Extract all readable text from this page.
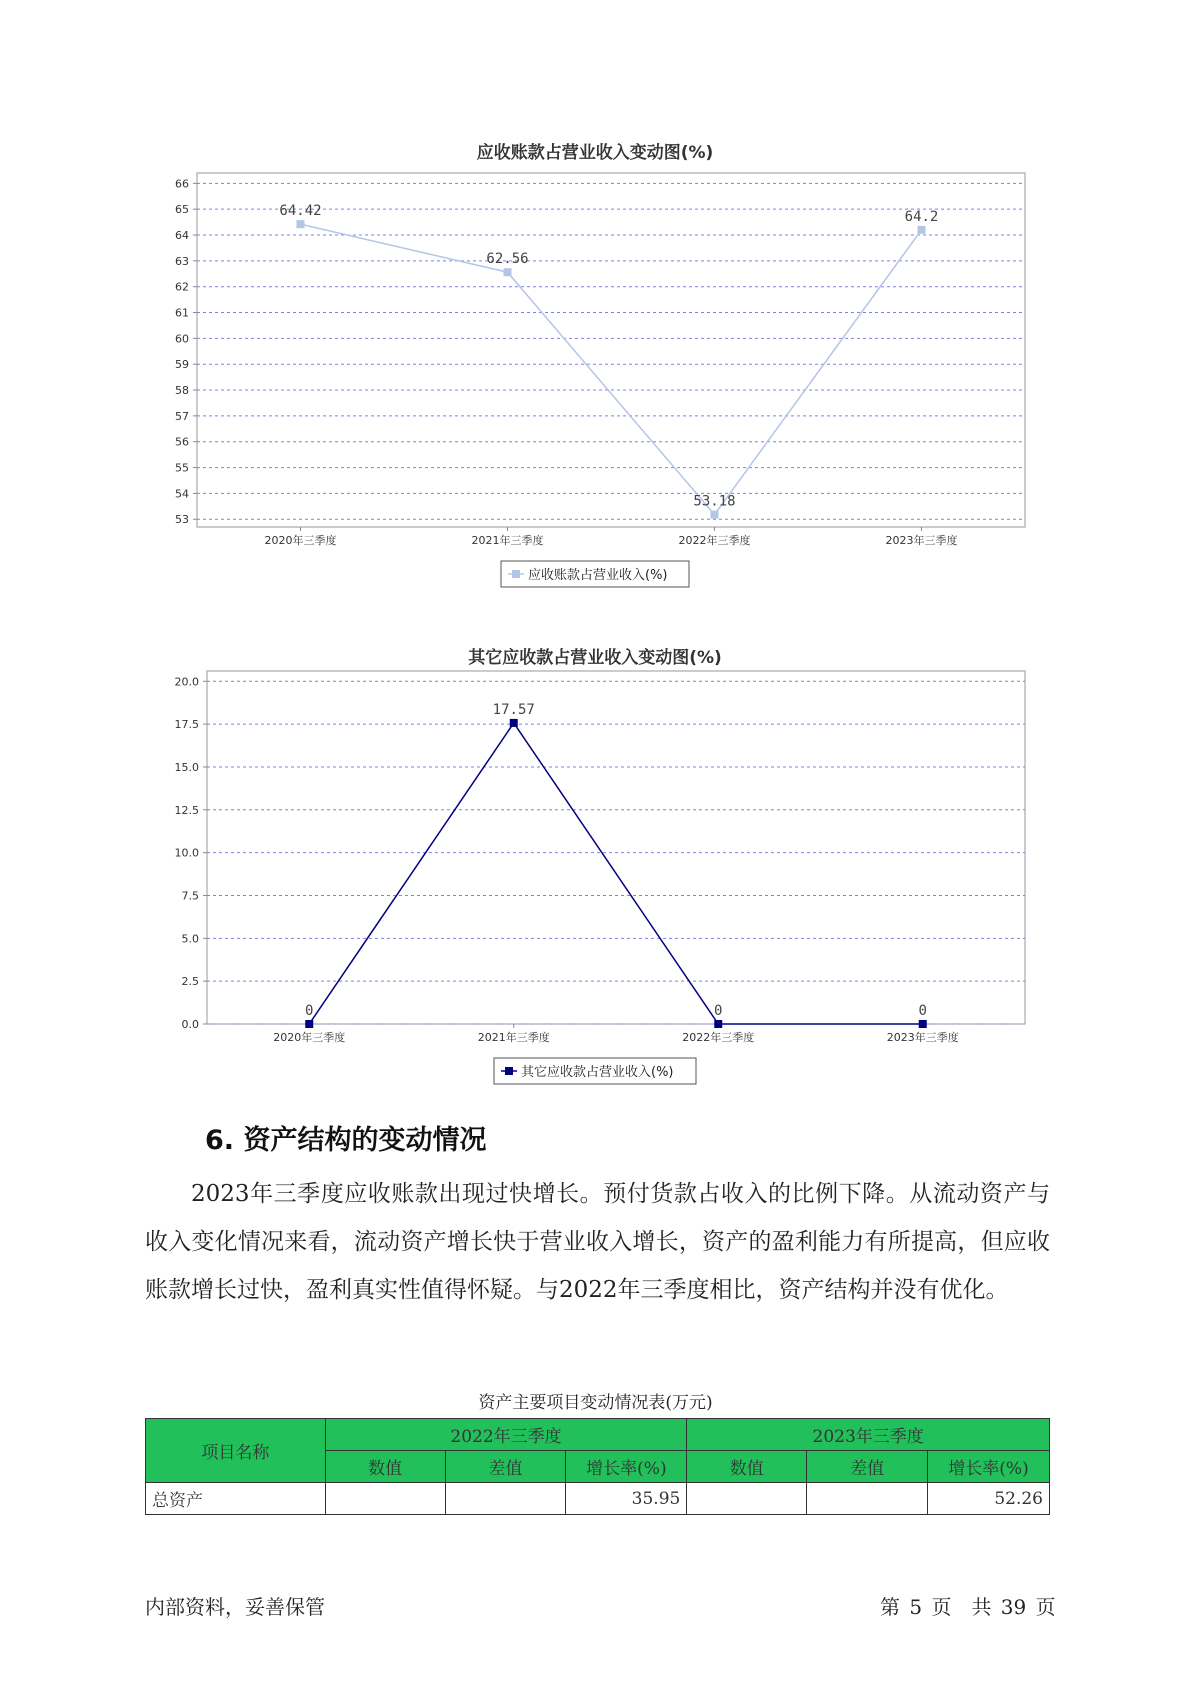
应收账款占营业收入变动图(%)
53
54
55
56
57
58
59
60
61
62
63
64
65
66
2020年三季度	2021年三季度	2022年三季度	2023年三季度
64.42
62.56
53.18
64.2
应收账款占营业收入(%)
其它应收款占营业收入变动图(%)
0.0
2.5
5.0
7.5
10.0
12.5
15.0
17.5
20.0
2020年三季度	2021年三季度	2022年三季度	2023年三季度
0
17.57
0	0
其它应收款占营业收入(%)
6. 资产结构的变动情况

2023年三季度应收账款出现过快增长。预付货款占收入的比例下降。从流动资产与收入变化情况来看，流动资产增长快于营业收入增长，资产的盈利能力有所提高，但应收账款增长过快，盈利真实性值得怀疑。与2022年三季度相比，资产结构并没有优化。

资产主要项目变动情况表(万元)
项目名称	2022年三季度			2023年三季度		
	数值	差值	增长率(%)	数值	差值	增长率(%)
总资产			35.95			52.26
内部资料，妥善保管	第 5 页　共 39 页
